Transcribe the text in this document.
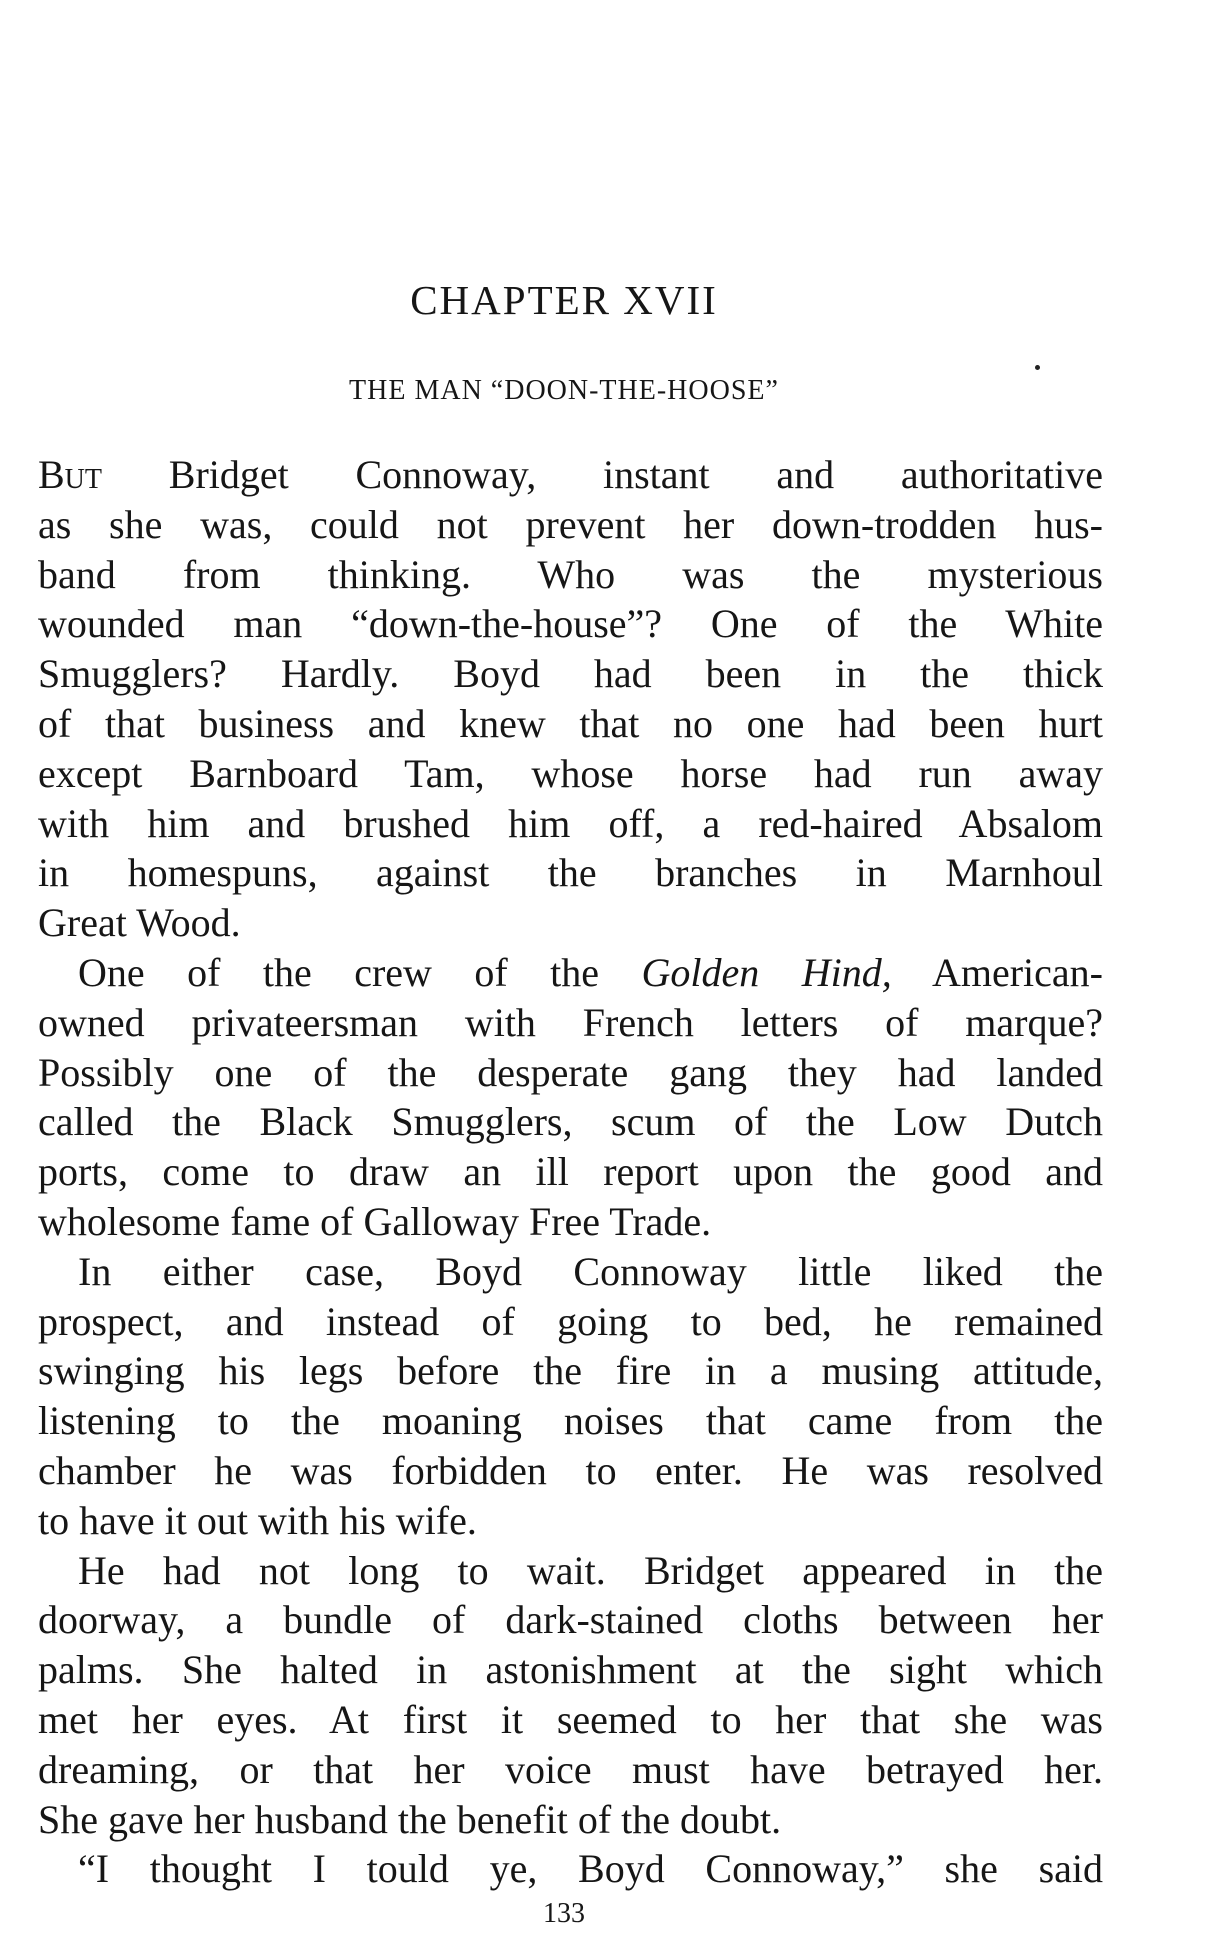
CHAPTER XVII
THE MAN “DOON-THE-HOOSE”
But Bridget Connoway, instant and authoritative
as she was, could not prevent her down-trodden hus-
band from thinking. Who was the mysterious
wounded man “down-the-house”? One of the White
Smugglers? Hardly. Boyd had been in the thick
of that business and knew that no one had been hurt
except Barnboard Tam, whose horse had run away
with him and brushed him off, a red-haired Absalom
in homespuns, against the branches in Marnhoul
Great Wood.
One of the crew of the Golden Hind, American-
owned privateersman with French letters of marque?
Possibly one of the desperate gang they had landed
called the Black Smugglers, scum of the Low Dutch
ports, come to draw an ill report upon the good and
wholesome fame of Galloway Free Trade.
In either case, Boyd Connoway little liked the
prospect, and instead of going to bed, he remained
swinging his legs before the fire in a musing attitude,
listening to the moaning noises that came from the
chamber he was forbidden to enter. He was resolved
to have it out with his wife.
He had not long to wait. Bridget appeared in the
doorway, a bundle of dark-stained cloths between her
palms. She halted in astonishment at the sight which
met her eyes. At first it seemed to her that she was
dreaming, or that her voice must have betrayed her.
She gave her husband the benefit of the doubt.
“I thought I tould ye, Boyd Connoway,” she said
133
